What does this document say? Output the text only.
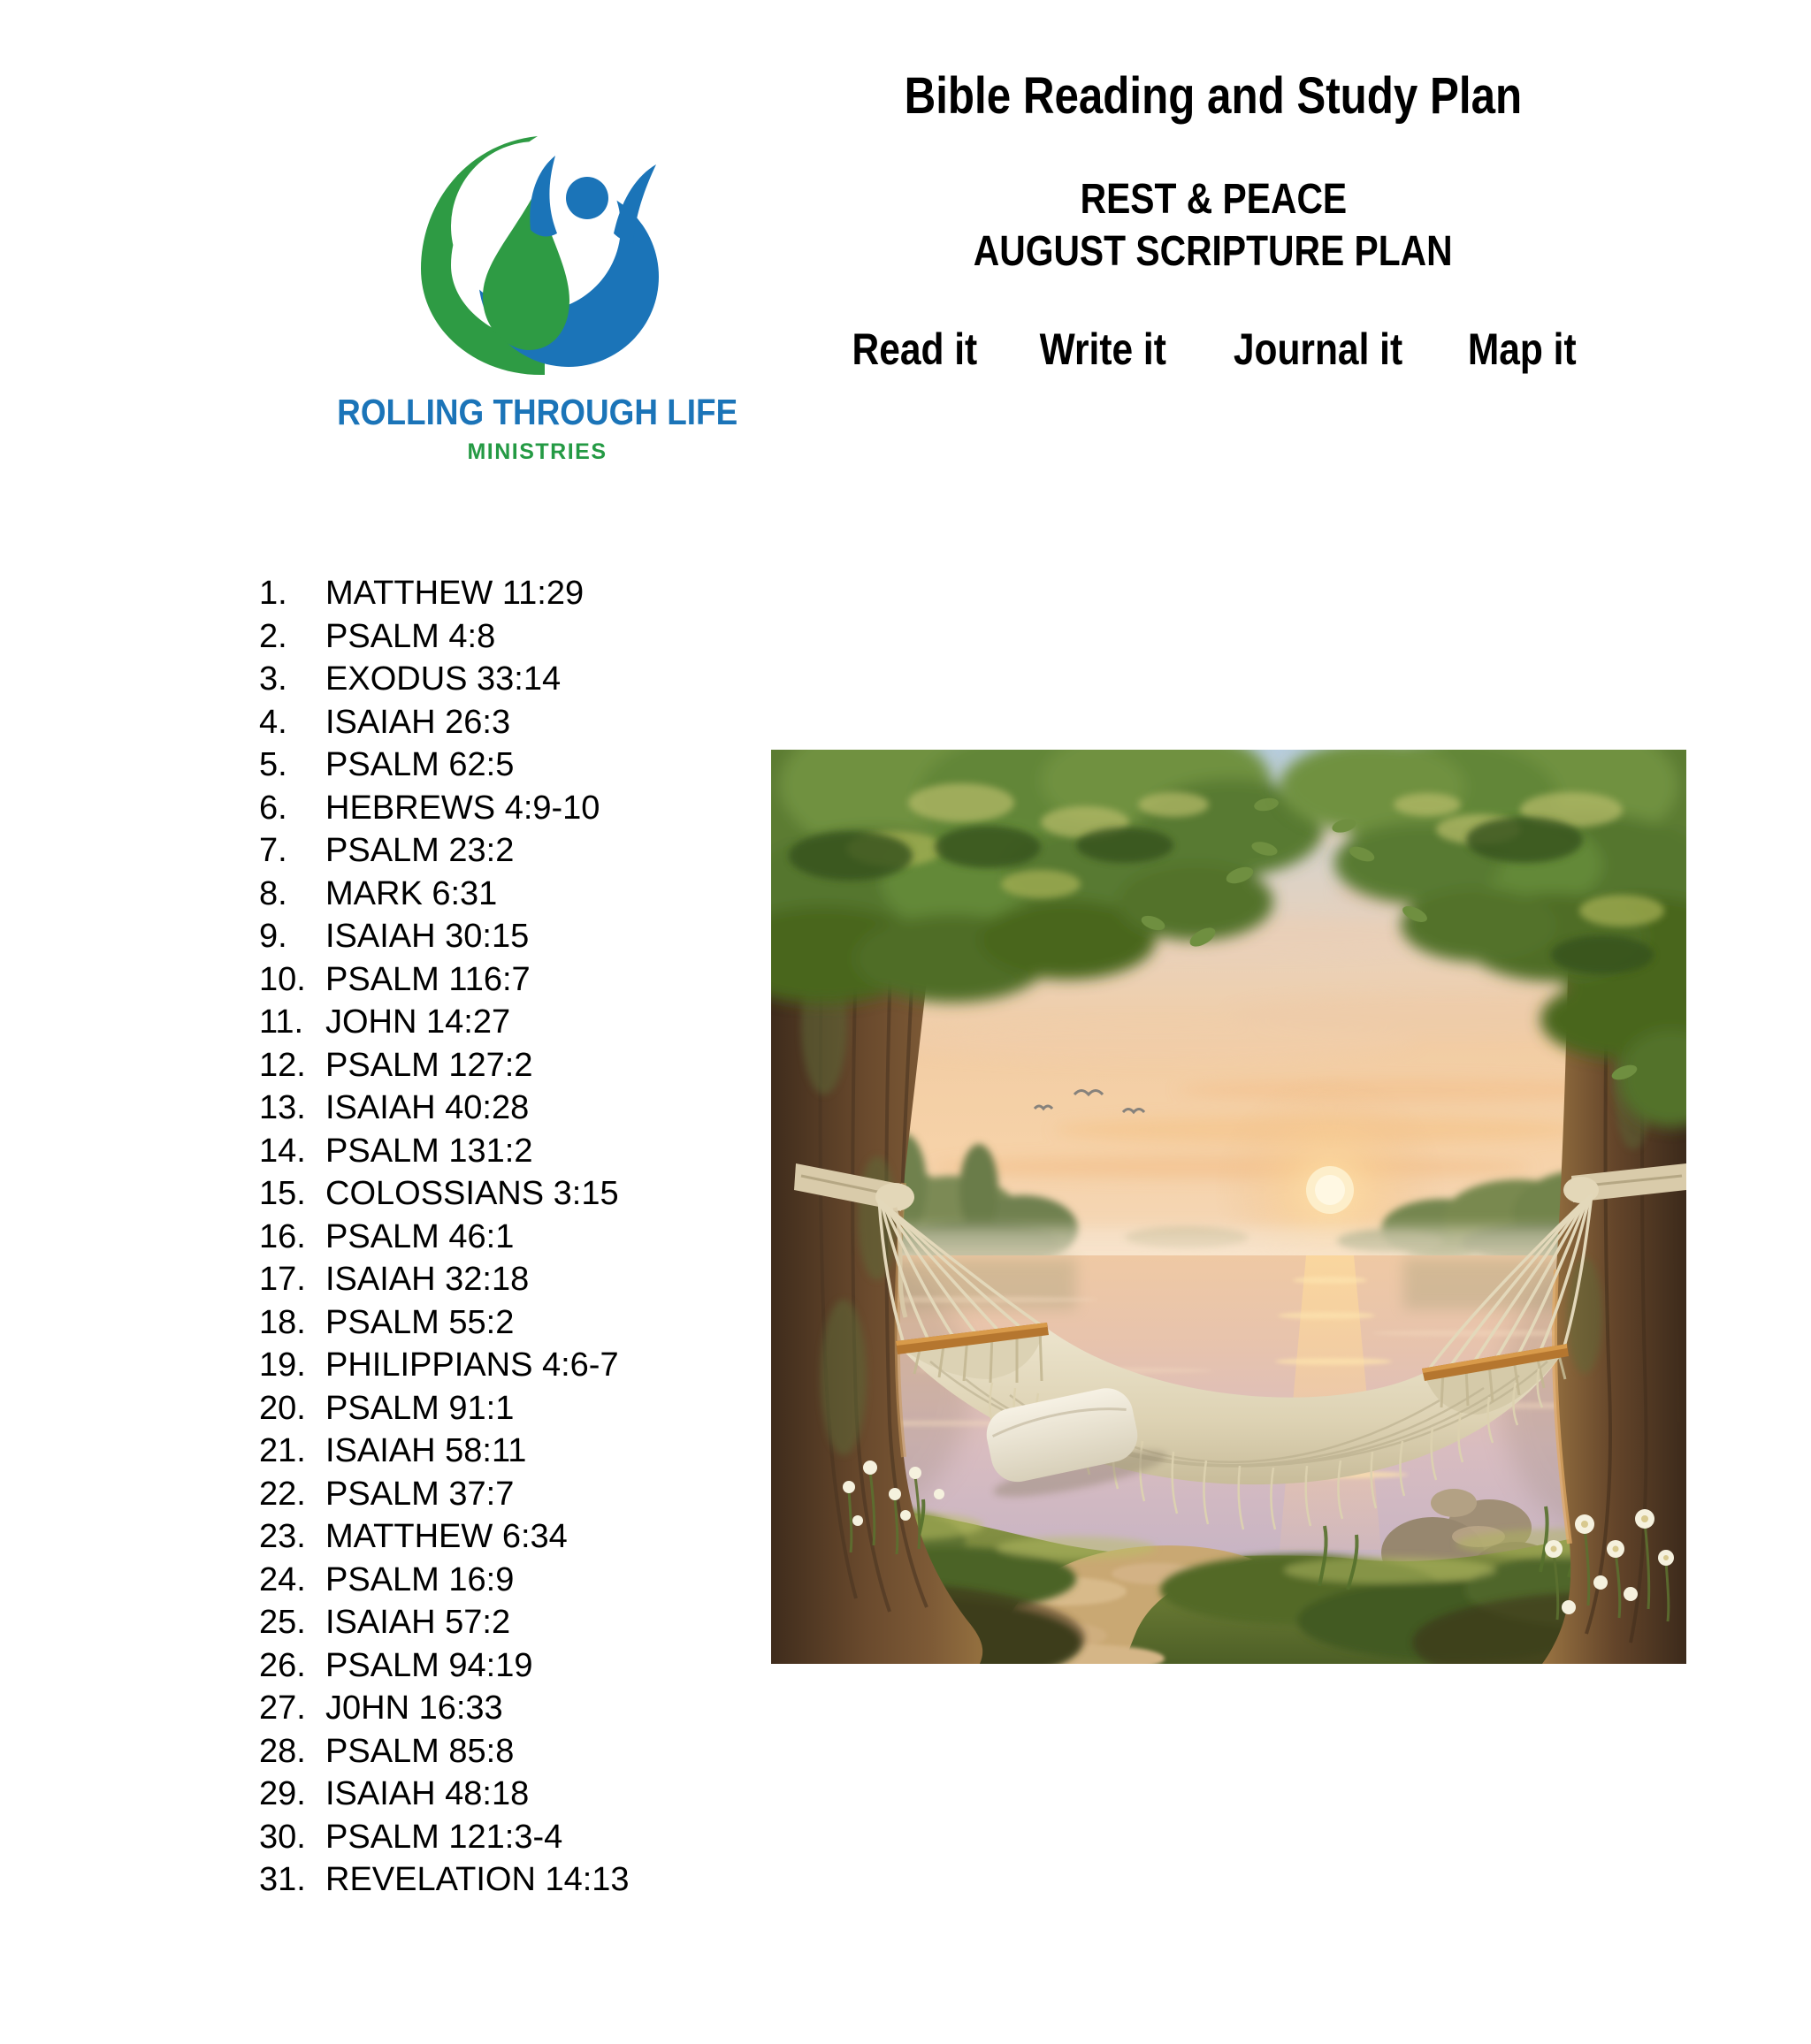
ROLLING THROUGH LIFE
MINISTRIES
Bible Reading and Study Plan
REST & PEACE
AUGUST SCRIPTURE PLAN
Read it Write it	Journal it	Map it
1.	MATTHEW 11:29
2.	PSALM 4:8
3.	EXODUS 33:14
4.	ISAIAH 26:3
5.	PSALM 62:5
6.	HEBREWS 4:9-10
7.	PSALM 23:2
8.	MARK 6:31
9.	ISAIAH 30:15
10. PSALM 116:7
11. JOHN 14:27
12. PSALM 127:2
13. ISAIAH 40:28
14. PSALM 131:2
15. COLOSSIANS 3:15
16. PSALM 46:1
17. ISAIAH 32:18
18. PSALM 55:2
19. PHILIPPIANS 4:6-7
20. PSALM 91:1
21. ISAIAH 58:11
22. PSALM 37:7
23. MATTHEW 6:34
24. PSALM 16:9
25. ISAIAH 57:2
26. PSALM 94:19
27. J0HN 16:33
28. PSALM 85:8
29. ISAIAH 48:18
30. PSALM 121:3-4
31. REVELATION 14:13
